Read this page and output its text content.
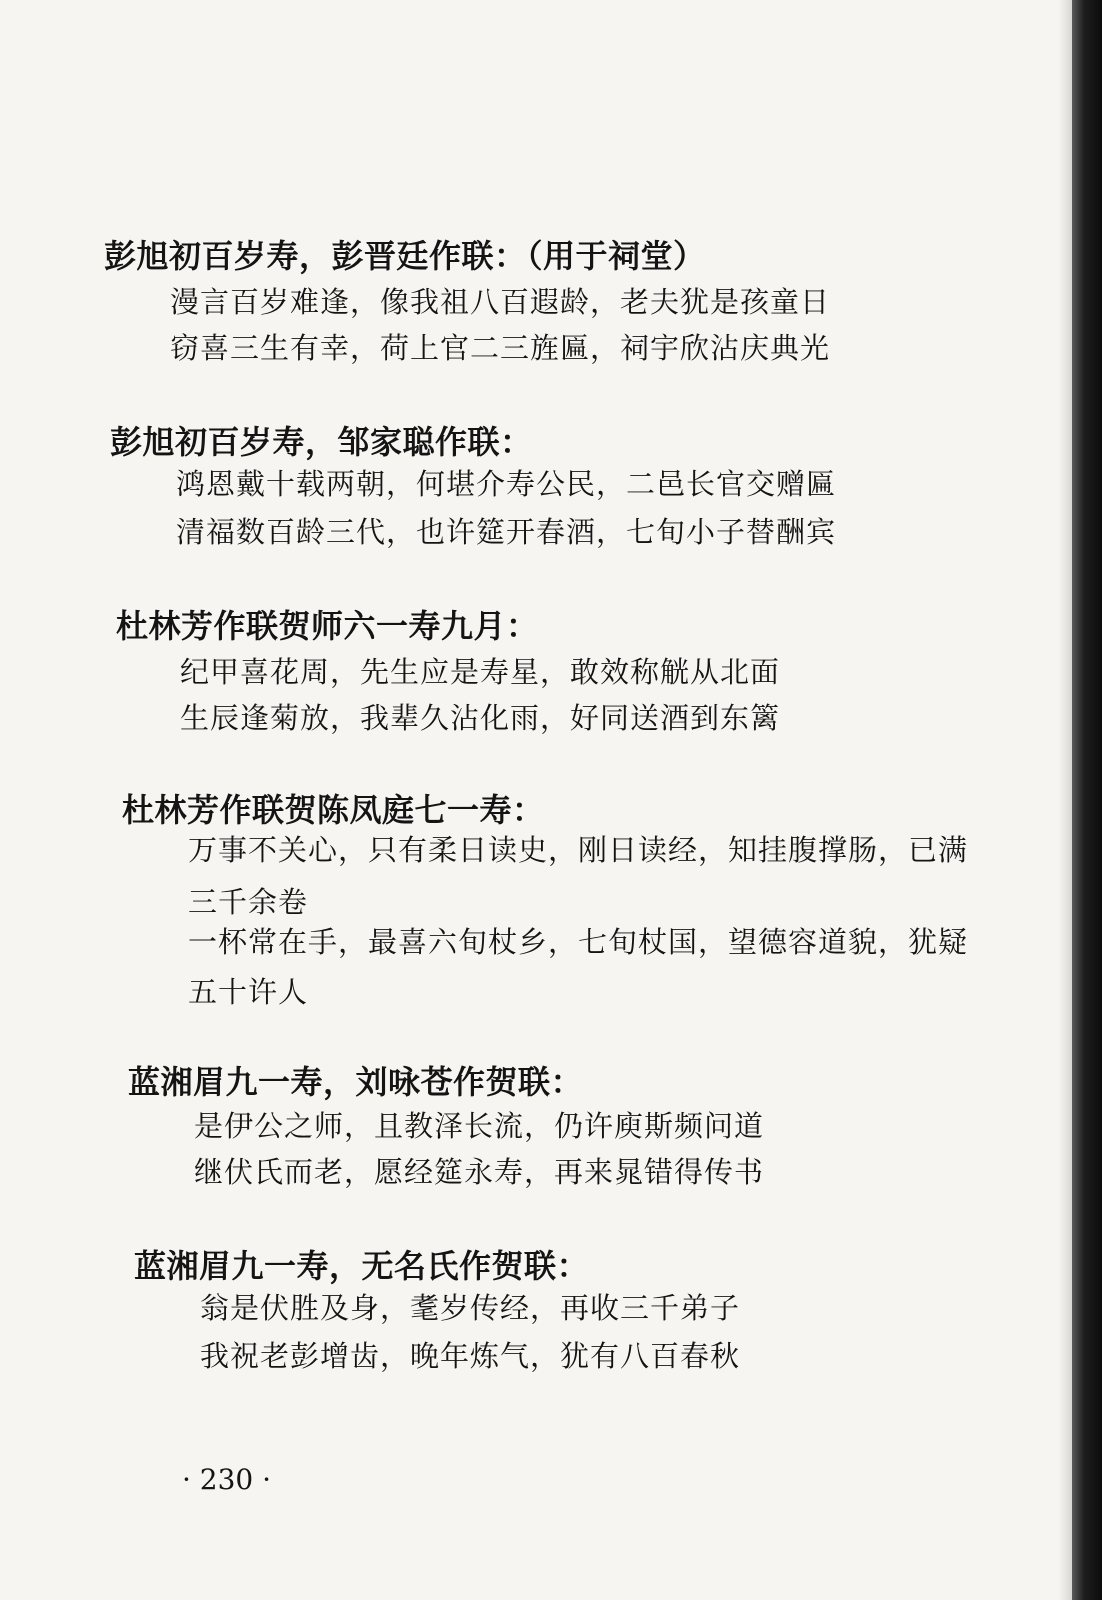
彭旭初百岁寿，彭晋廷作联：（用于祠堂）
漫言百岁难逢，像我祖八百遐龄，老夫犹是孩童日
窃喜三生有幸，荷上官二三旌匾，祠宇欣沾庆典光
彭旭初百岁寿，邹家聪作联：
鸿恩戴十载两朝，何堪介寿公民，二邑长官交赠匾
清福数百龄三代，也许筵开春酒，七旬小子替酬宾
杜林芳作联贺师六一寿九月：
纪甲喜花周，先生应是寿星，敢效称觥从北面
生辰逢菊放，我辈久沾化雨，好同送酒到东篱
杜林芳作联贺陈凤庭七一寿：
万事不关心，只有柔日读史，刚日读经，知挂腹撑肠，已满
三千余卷
一杯常在手，最喜六旬杖乡，七旬杖国，望德容道貌，犹疑
五十许人
蓝湘眉九一寿，刘咏苍作贺联：
是伊公之师，且教泽长流，仍许庾斯频问道
继伏氏而老，愿经筵永寿，再来晁错得传书
蓝湘眉九一寿，无名氏作贺联：
翁是伏胜及身，耄岁传经，再收三千弟子
我祝老彭增齿，晚年炼气，犹有八百春秋
· 230 ·
